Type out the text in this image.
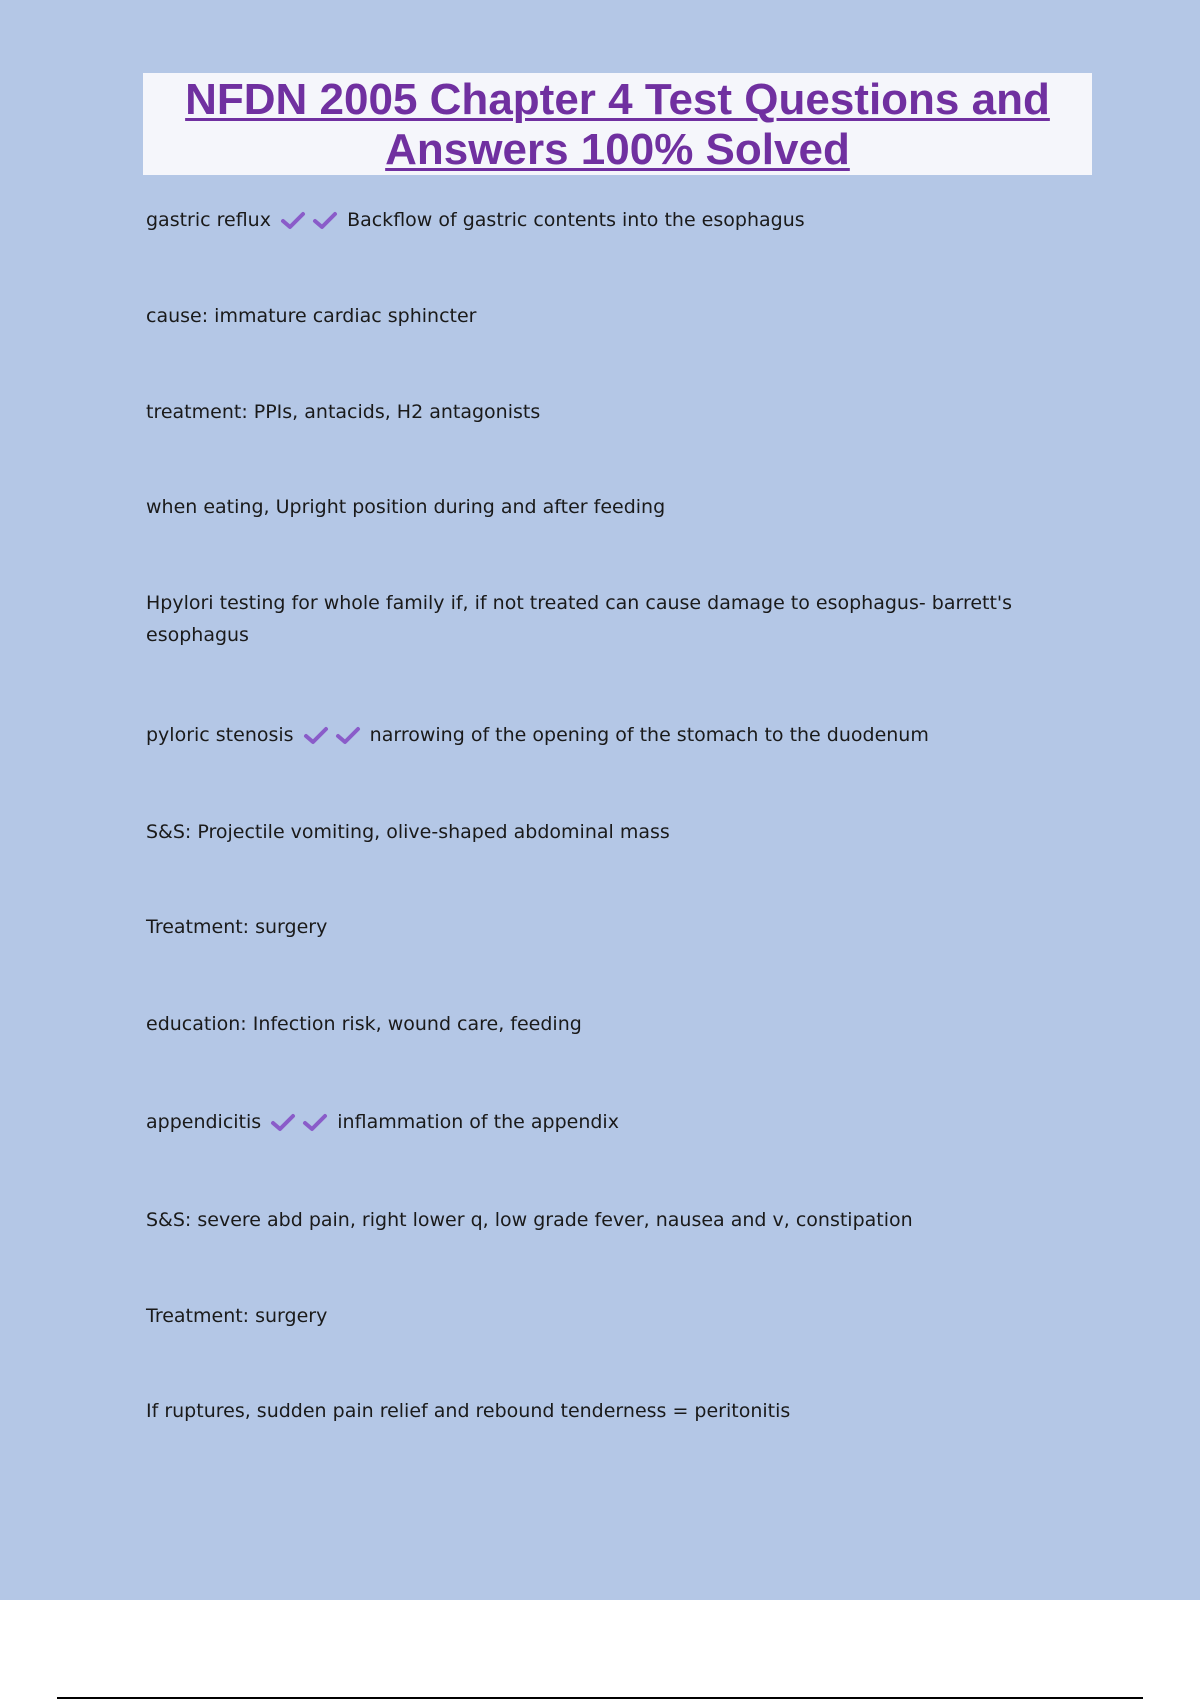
NFDN 2005 Chapter 4 Test Questions and Answers 100% Solved

gastric reflux	Backflow of gastric contents into the esophagus

cause: immature cardiac sphincter

treatment: PPIs, antacids, H2 antagonists

when eating, Upright position during and after feeding

Hpylori testing for whole family if, if not treated can cause damage to esophagus- barrett's esophagus

pyloric stenosis	narrowing of the opening of the stomach to the duodenum

S&S: Projectile vomiting, olive-shaped abdominal mass

Treatment: surgery

education: Infection risk, wound care, feeding

appendicitis	inflammation of the appendix

S&S: severe abd pain, right lower q, low grade fever, nausea and v, constipation

Treatment: surgery

If ruptures, sudden pain relief and rebound tenderness = peritonitis
